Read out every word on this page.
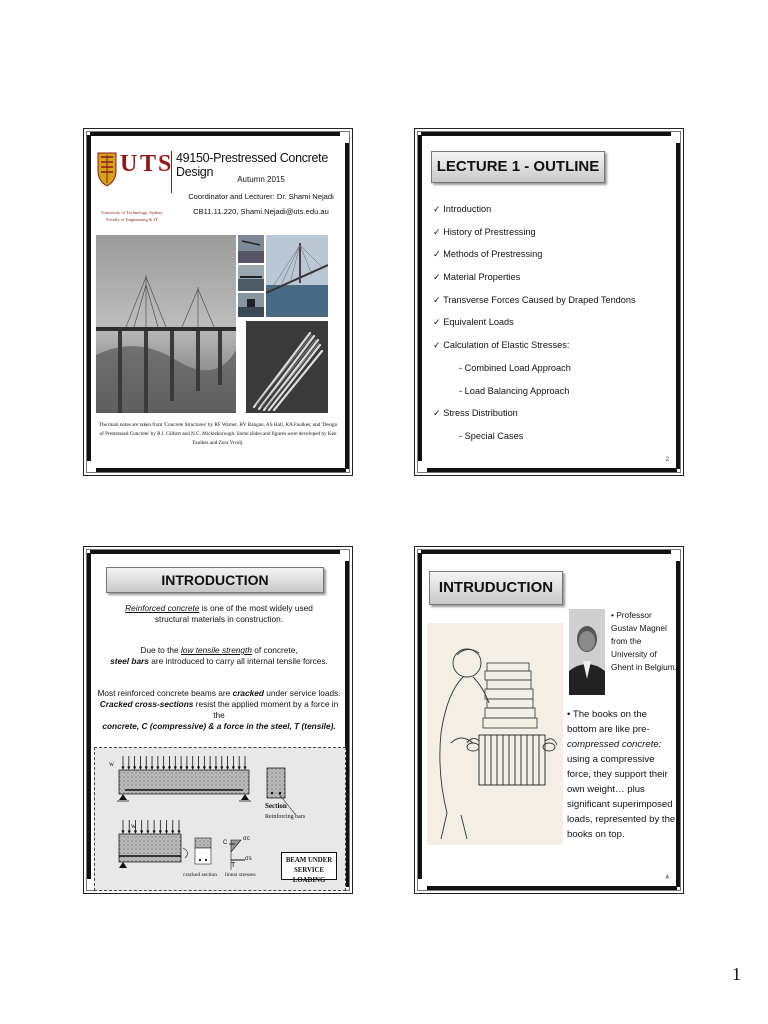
U T S
University of Technology, Sydney
Faculty of Engineering & IT
49150-Prestressed Concrete Design
Autumn 2015
Coordinator and Lecturer: Dr. Shami Nejadi
CB11.11.220, Shami.Nejadi@uts.edu.au
The main notes are taken from 'Concrete Structures' by RF Warner, BV Rangan, AS Hall, KA Faulkes; and 'Design of Prestressed Concrete' by R.I. Gilbert and N.C. Mickleborough. Some slides and figures were developed by Ken Faulkes and Zora Vrcelj.
LECTURE 1 - OUTLINE
✓ Introduction
✓ History of Prestressing
✓ Methods of Prestressing
✓ Material Properties
✓ Transverse Forces Caused by Draped Tendons
✓ Equivalent Loads
✓ Calculation of Elastic Stresses:
- Combined Load Approach
- Load Balancing Approach
✓ Stress Distribution
- Special Cases
2
INTRODUCTION
Reinforced concrete is one of the most widely used
structural materials in construction.
Due to the low tensile strength of concrete,
steel bars are introduced to carry all internal tensile forces.
Most reinforced concrete beams are cracked under service loads.
Cracked cross-sections resist the applied moment by a force in the
concrete, C (compressive) & a force in the steel, T (tensile).
w
w
Section
Reinforcing bars
cracked section linear stresses
σc
σs
C
T
BEAM UNDER
SERVICE LOADING
INTRUDUCTION
• Professor
Gustav Magnel
from the
University of
Ghent in Belgium.
• The books on the
bottom are like pre-
compressed concrete:
using a compressive
force, they support their
own weight… plus
significant superimposed
loads, represented by the
books on top.
4
1
